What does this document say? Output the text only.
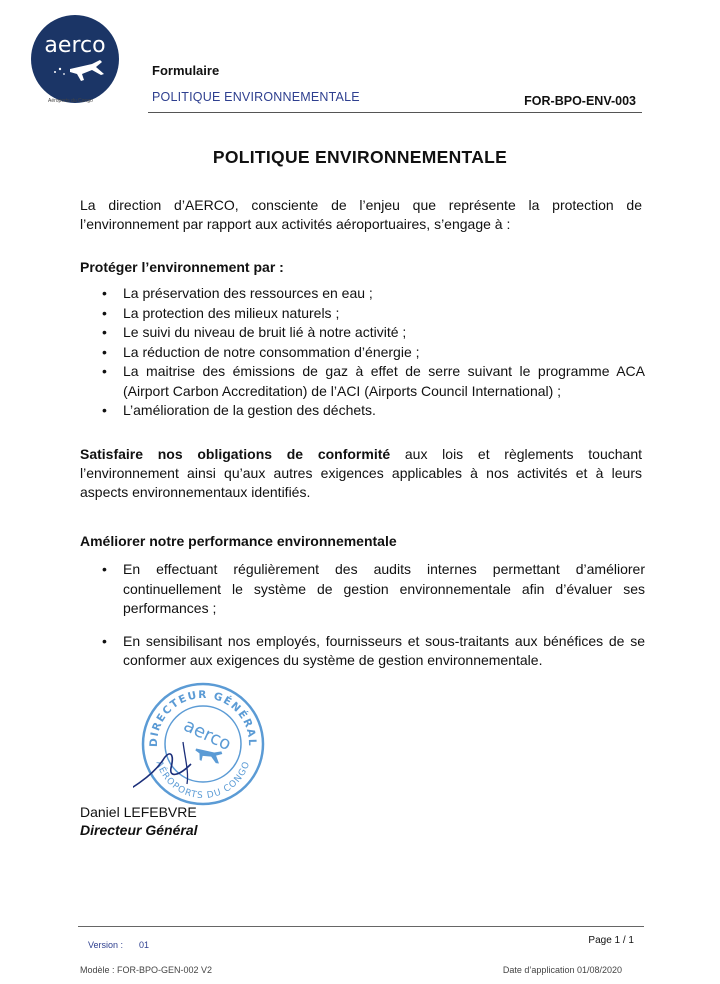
aerco
Aéroports du Congo
Formulaire
POLITIQUE ENVIRONNEMENTALE	FOR-BPO-ENV-003
POLITIQUE ENVIRONNEMENTALE

La direction d’AERCO, consciente de l’enjeu que représente la protection de l’environnement par rapport aux activités aéroportuaires, s’engage à :

Protéger l’environnement par :

• La préservation des ressources en eau ;
• La protection des milieux naturels ;
• Le suivi du niveau de bruit lié à notre activité ;
• La réduction de notre consommation d’énergie ;
• La maitrise des émissions de gaz à effet de serre suivant le programme ACA (Airport Carbon Accreditation) de l’ACI (Airports Council International) ;
• L’amélioration de la gestion des déchets.

Satisfaire nos obligations de conformité aux lois et règlements touchant l’environnement ainsi qu’aux autres exigences applicables à nos activités et à leurs aspects environnementaux identifiés.

Améliorer notre performance environnementale

• En effectuant régulièrement des audits internes permettant d’améliorer continuellement le système de gestion environnementale afin d’évaluer ses performances ;
• En sensibilisant nos employés, fournisseurs et sous-traitants aux bénéfices de se conformer aux exigences du système de gestion environnementale.
DIRECTEUR GÉNÉRAL
AÉROPORTS DU CONGO
aerco
Daniel LEFEBVRE
Directeur Général
Version : 01	Page 1 / 1
Modèle : FOR-BPO-GEN-002 V2	Date d’application 01/08/2020
